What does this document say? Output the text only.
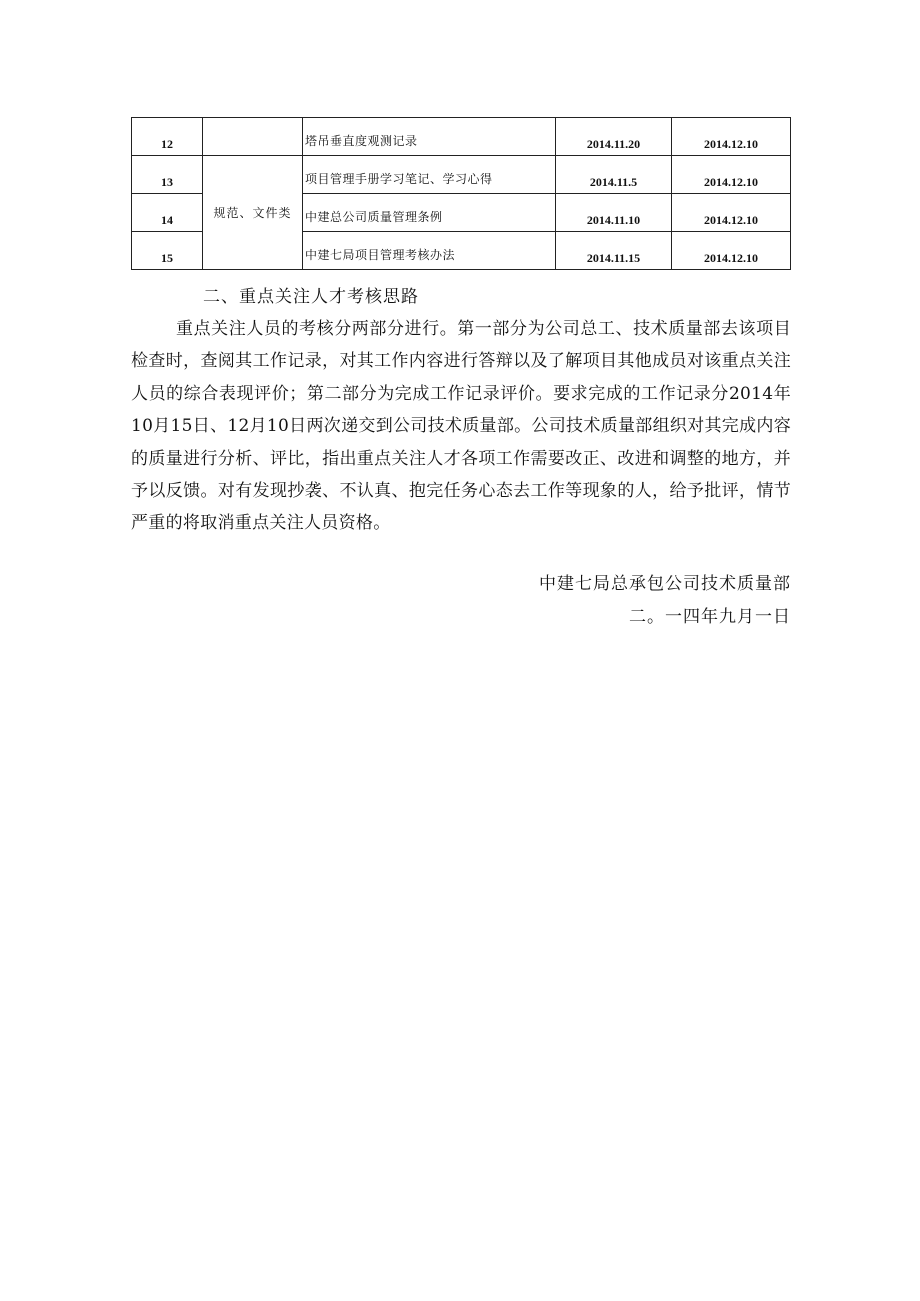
12		塔吊垂直度观测记录	2014.11.20	2014.12.10
13	规范、文件类	项目管理手册学习笔记、学习心得	2014.11.5	2014.12.10
14		中建总公司质量管理条例	2014.11.10	2014.12.10
15		中建七局项目管理考核办法	2014.11.15	2014.12.10
二、重点关注人才考核思路

重点关注人员的考核分两部分进行。第一部分为公司总工、技术质量部去该项目检查时，查阅其工作记录，对其工作内容进行答辩以及了解项目其他成员对该重点关注人员的综合表现评价；第二部分为完成工作记录评价。要求完成的工作记录分2014年10月15日、12月10日两次递交到公司技术质量部。公司技术质量部组织对其完成内容的质量进行分析、评比，指出重点关注人才各项工作需要改正、改进和调整的地方，并予以反馈。对有发现抄袭、不认真、抱完任务心态去工作等现象的人，给予批评，情节严重的将取消重点关注人员资格。

中建七局总承包公司技术质量部
二。一四年九月一日
